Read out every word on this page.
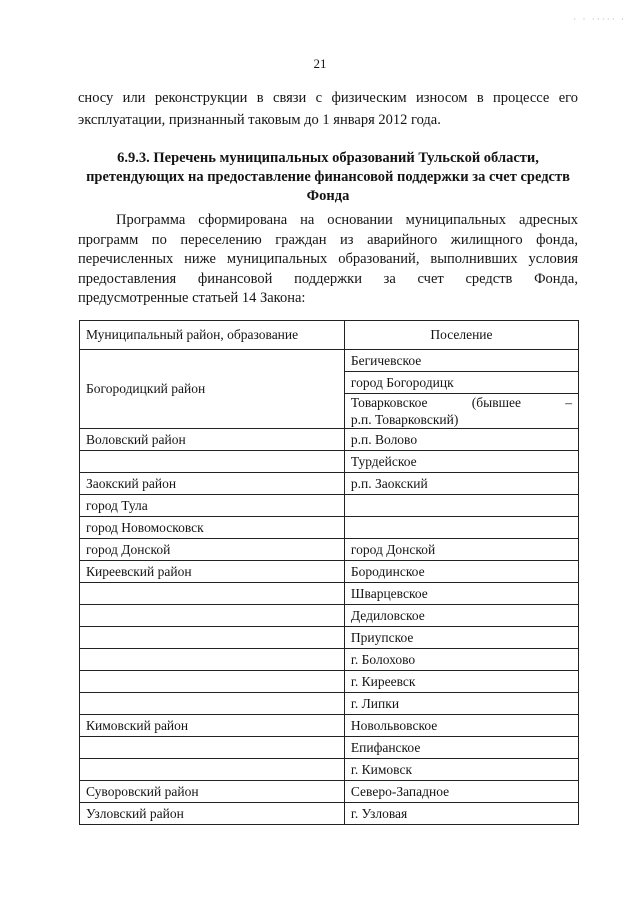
· · ····· ·
21
сносу или реконструкции в связи с физическим износом в процессе его эксплуатации, признанный таковым до 1 января 2012 года.
6.9.3. Перечень муниципальных образований Тульской области, претендующих на предоставление финансовой поддержки за счет средств Фонда
Программа сформирована на основании муниципальных адресных программ по переселению граждан из аварийного жилищного фонда, перечисленных ниже муниципальных образований, выполнивших условия предоставления финансовой поддержки за счет средств Фонда, предусмотренные статьей 14 Закона:
Муниципальный район, образование	Поселение
Богородицкий район	Бегичевское
	город Богородицк

	Товарковское (бывшее –
р.п. Товарковский)
Воловский район	р.п. Волово
	Турдейское
Заокский район	р.п. Заокский
город Тула	
город Новомосковск	
город Донской	город Донской
Киреевский район	Бородинское
	Шварцевское
	Дедиловское
	Приупское
	г. Болохово
	г. Киреевск
	г. Липки
Кимовский район	Новольвовское
	Епифанское
	г. Кимовск
Суворовский район	Северо-Западное
Узловский район	г. Узловая
